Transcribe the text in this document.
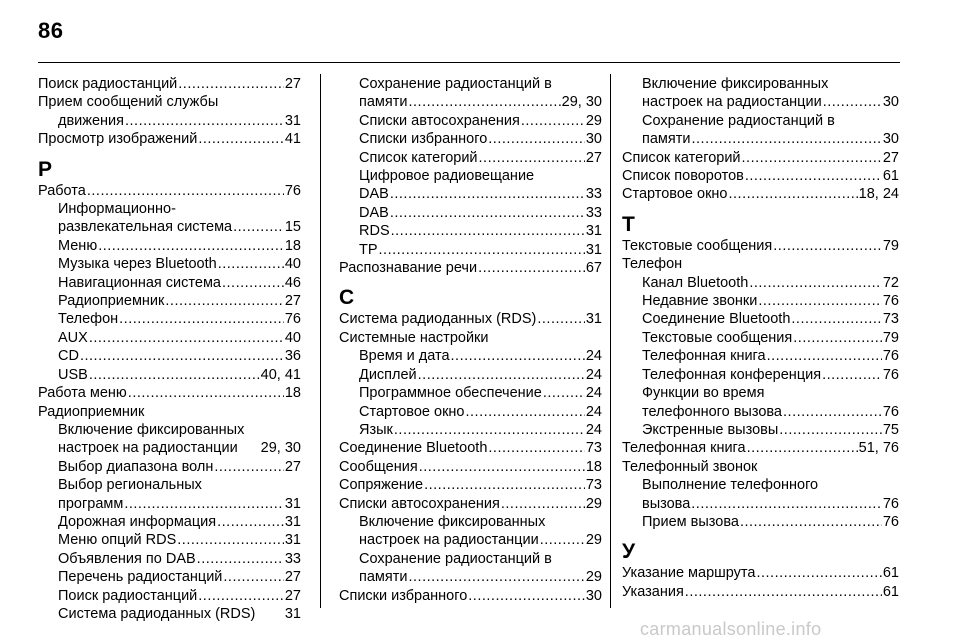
86
Поиск радиостанций .....	27
Прием сообщений службы
движения .....	31
Просмотр изображений .....	41
Р
Работа .....	76
Информационно-
развлекательная система .....	15
Меню .....	18
Музыка через Bluetooth .....	40
Навигационная система .....	46
Радиоприемник .....	27
Телефон .....	76
AUX .....	40
CD .....	36
USB .....	40, 41
Работа меню .....	18
Радиоприемник
Включение фиксированных
настроек на радиостанции 29, 30
Выбор диапазона волн .....	27
Выбор региональных
программ .....	31
Дорожная информация .....	31
Меню опций RDS .....	31
Объявления по DAB .....	33
Перечень радиостанций .....	27
Поиск радиостанций .....	27
Система радиоданных (RDS) 31
Сохранение радиостанций в
памяти .....	29, 30
Списки автосохранения .....	29
Списки избранного .....	30
Список категорий .....	27
Цифровое радиовещание
DAB .....	33
DAB .....	33
RDS .....	31
TP .....	31
Распознавание речи .....	67
С
Система радиоданных (RDS) .....	31
Системные настройки
Время и дата .....	24
Дисплей .....	24
Программное обеспечение .....	24
Стартовое окно .....	24
Язык .....	24
Соединение Bluetooth .....	73
Сообщения .....	18
Сопряжение .....	73
Списки автосохранения .....	29
Включение фиксированных
настроек на радиостанции .....	29
Сохранение радиостанций в
памяти .....	29
Списки избранного .....	30
Включение фиксированных
настроек на радиостанции .....	30
Сохранение радиостанций в
памяти .....	30
Список категорий .....	27
Список поворотов .....	61
Стартовое окно .....	18, 24
Т
Текстовые сообщения .....	79
Телефон
Канал Bluetooth .....	72
Недавние звонки .....	76
Соединение Bluetooth .....	73
Текстовые сообщения .....	79
Телефонная книга .....	76
Телефонная конференция .....	76
Функции во время
телефонного вызова .....	76
Экстренные вызовы .....	75
Телефонная книга .....	51, 76
Телефонный звонок
Выполнение телефонного
вызова .....	76
Прием вызова .....	76
У
Указание маршрута .....	61
Указания .....	61
carmanualsonline.info
